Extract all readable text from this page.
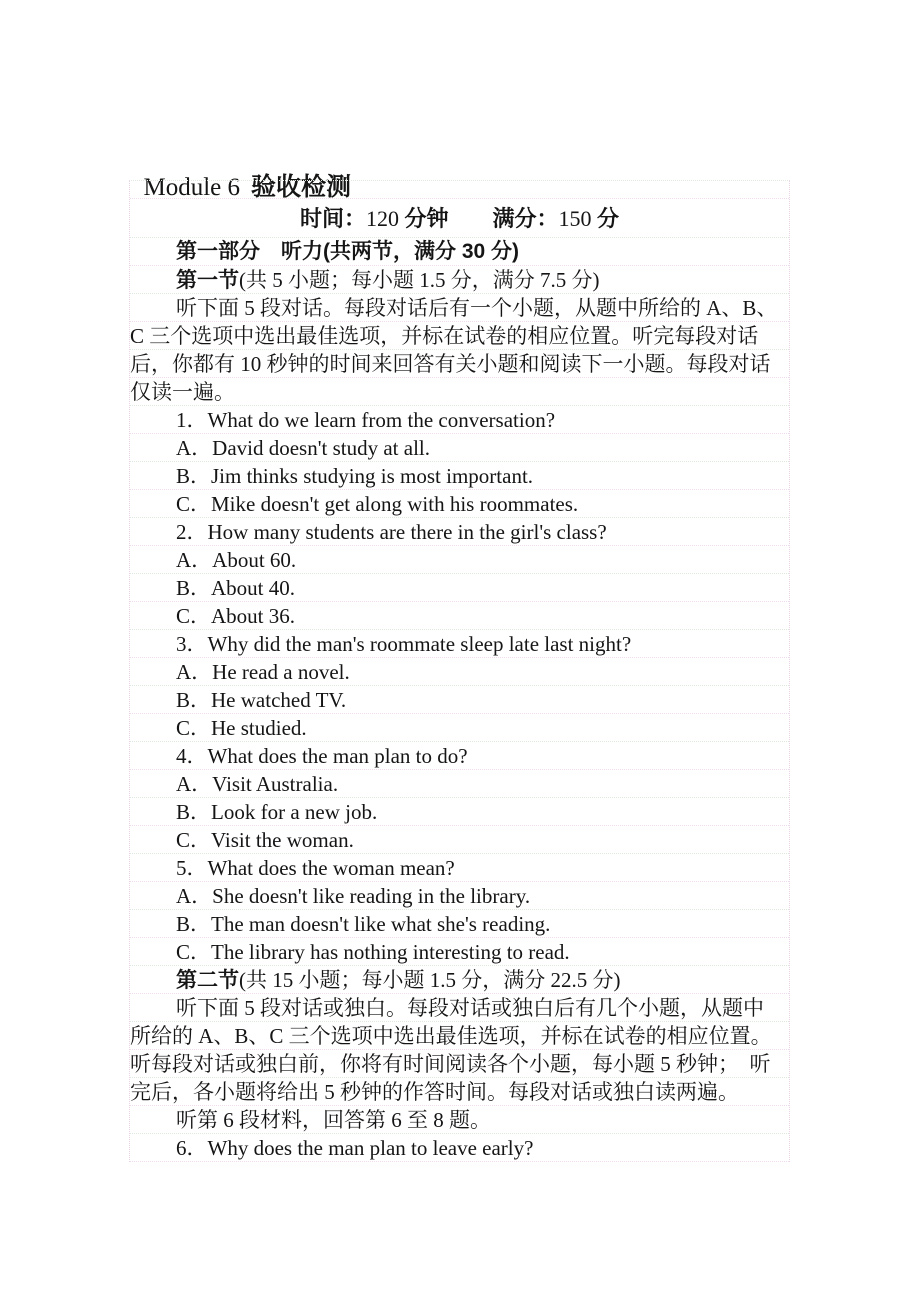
Module 6 验收检测

时间：120 分钟 满分：150 分
第一部分　听力(共两节，满分 30 分)
第一节(共 5 小题；每小题 1.5 分，满分 7.5 分)
听下面 5 段对话。每段对话后有一个小题，从题中所给的 A、B、
C 三个选项中选出最佳选项，并标在试卷的相应位置。听完每段对话
后，你都有 10 秒钟的时间来回答有关小题和阅读下一小题。每段对话
仅读一遍。
1．What do we learn from the conversation?
A．David doesn't study at all.
B．Jim thinks studying is most important.
C．Mike doesn't get along with his roommates.
2．How many students are there in the girl's class?
A．About 60.
B．About 40.
C．About 36.
3．Why did the man's roommate sleep late last night?
A．He read a novel.
B．He watched TV.
C．He studied.
4．What does the man plan to do?
A．Visit Australia.
B．Look for a new job.
C．Visit the woman.
5．What does the woman mean?
A．She doesn't like reading in the library.
B．The man doesn't like what she's reading.
C．The library has nothing interesting to read.
第二节(共 15 小题；每小题 1.5 分，满分 22.5 分)
听下面 5 段对话或独白。每段对话或独白后有几个小题，从题中
所给的 A、B、C 三个选项中选出最佳选项，并标在试卷的相应位置。
听每段对话或独白前，你将有时间阅读各个小题，每小题 5 秒钟；　听
完后，各小题将给出 5 秒钟的作答时间。每段对话或独白读两遍。
听第 6 段材料，回答第 6 至 8 题。
6．Why does the man plan to leave early?
